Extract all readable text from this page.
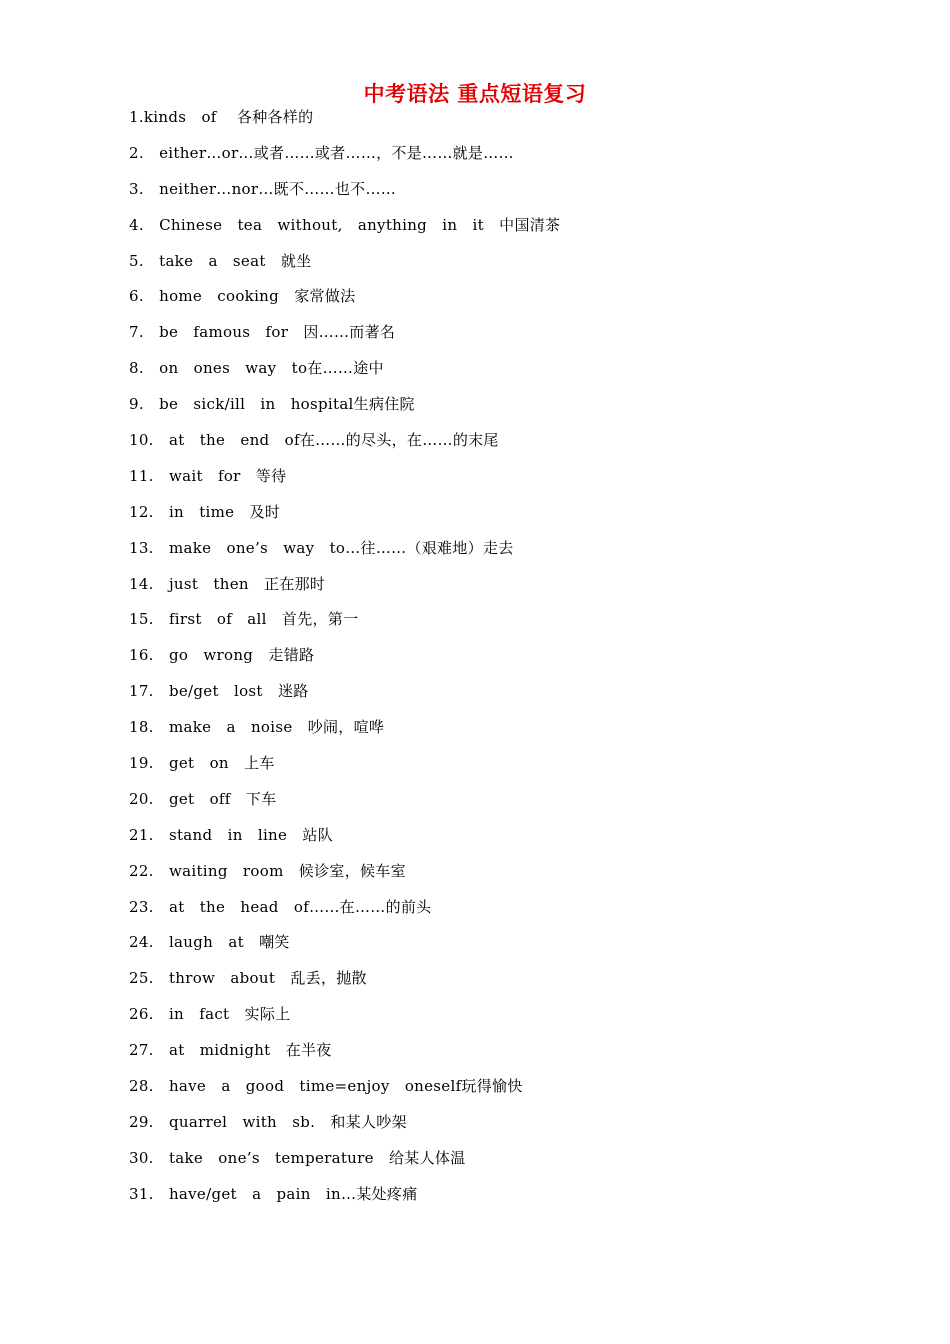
中考语法 重点短语复习
1.kinds   of    各种各样的
2.   either…or…或者……或者……，不是……就是……
3.   neither…nor…既不……也不……
4.   Chinese   tea   without,   anything   in   it   中国清茶
5.   take   a   seat   就坐
6.   home   cooking   家常做法
7.   be   famous   for   因……而著名
8.   on   ones   way   to在……途中
9.   be   sick/ill   in   hospital生病住院
10.   at   the   end   of在……的尽头，在……的末尾
11.   wait   for   等待
12.   in   time   及时
13.   make   one’s   way   to…往……（艰难地）走去
14.   just   then   正在那时
15.   first   of   all   首先，第一
16.   go   wrong   走错路
17.   be/get   lost   迷路
18.   make   a   noise   吵闹，喧哗
19.   get   on   上车
20.   get   off   下车
21.   stand   in   line   站队
22.   waiting   room   候诊室，候车室
23.   at   the   head   of……在……的前头
24.   laugh   at   嘲笑
25.   throw   about   乱丢，抛散
26.   in   fact   实际上
27.   at   midnight   在半夜
28.   have   a   good   time=enjoy   oneself玩得愉快
29.   quarrel   with   sb.   和某人吵架
30.   take   one’s   temperature   给某人体温
31.   have/get   a   pain   in…某处疼痛
